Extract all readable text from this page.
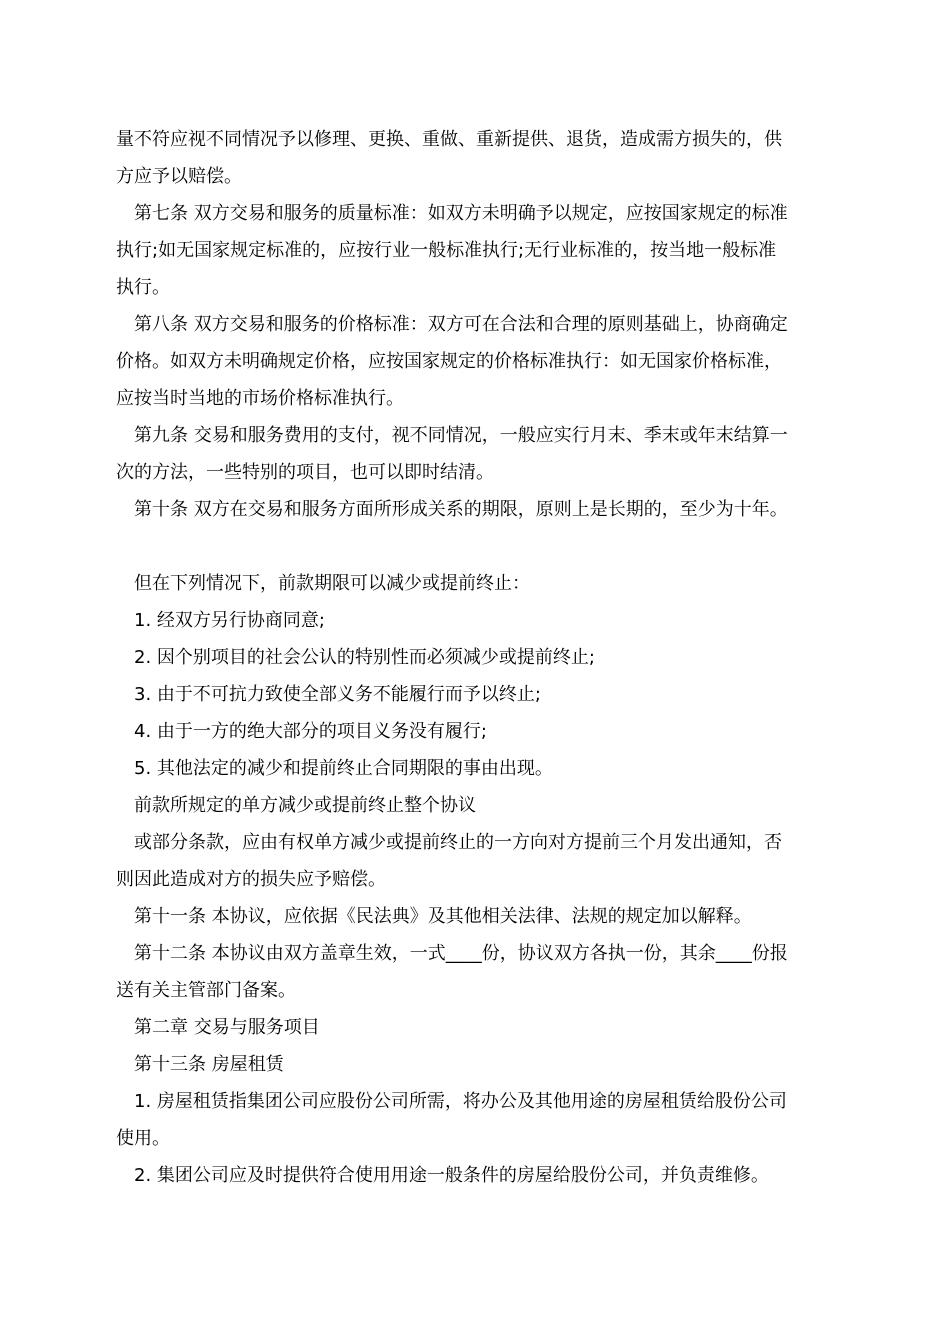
量不符应视不同情况予以修理、更换、重做、重新提供、退货，造成需方损失的，供

方应予以赔偿。

第七条 双方交易和服务的质量标准：如双方未明确予以规定，应按国家规定的标准

执行;如无国家规定标准的，应按行业一般标准执行;无行业标准的，按当地一般标准

执行。

第八条 双方交易和服务的价格标准：双方可在合法和合理的原则基础上，协商确定

价格。如双方未明确规定价格，应按国家规定的价格标准执行：如无国家价格标准，

应按当时当地的市场价格标准执行。

第九条 交易和服务费用的支付，视不同情况，一般应实行月末、季末或年末结算一

次的方法，一些特别的项目，也可以即时结清。

第十条 双方在交易和服务方面所形成关系的期限，原则上是长期的，至少为十年。

但在下列情况下，前款期限可以减少或提前终止：

1. 经双方另行协商同意;

2. 因个别项目的社会公认的特别性而必须减少或提前终止;

3. 由于不可抗力致使全部义务不能履行而予以终止;

4. 由于一方的绝大部分的项目义务没有履行;

5. 其他法定的减少和提前终止合同期限的事由出现。

前款所规定的单方减少或提前终止整个协议

或部分条款，应由有权单方减少或提前终止的一方向对方提前三个月发出通知，否

则因此造成对方的损失应予赔偿。

第十一条 本协议，应依据《民法典》及其他相关法律、法规的规定加以解释。

第十二条 本协议由双方盖章生效，一式____份，协议双方各执一份，其余____份报

送有关主管部门备案。

第二章 交易与服务项目

第十三条 房屋租赁

1. 房屋租赁指集团公司应股份公司所需，将办公及其他用途的房屋租赁给股份公司

使用。

2. 集团公司应及时提供符合使用用途一般条件的房屋给股份公司，并负责维修。
